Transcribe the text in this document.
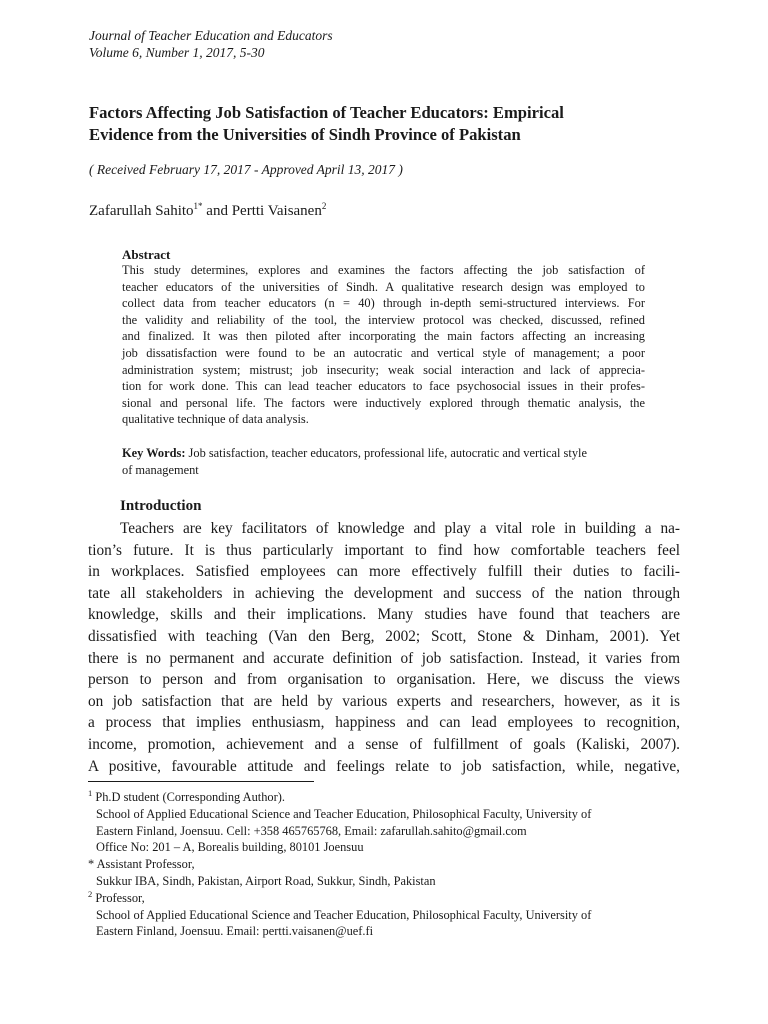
Journal of Teacher Education and Educators
Volume 6, Number 1, 2017, 5-30
Factors Affecting Job Satisfaction of Teacher Educators: Empirical
Evidence from the Universities of Sindh Province of Pakistan
( Received February 17, 2017 - Approved April 13, 2017 )
Zafarullah Sahito$^{1*}$ and Pertti Vaisanen$^2$
Abstract
This study determines, explores and examines the factors affecting the job satisfaction of
teacher educators of the universities of Sindh. A qualitative research design was employed to
collect data from teacher educators (n = 40) through in-depth semi-structured interviews. For
the validity and reliability of the tool, the interview protocol was checked, discussed, refined
and finalized. It was then piloted after incorporating the main factors affecting an increasing
job dissatisfaction were found to be an autocratic and vertical style of management; a poor
administration system; mistrust; job insecurity; weak social interaction and lack of apprecia-
tion for work done. This can lead teacher educators to face psychosocial issues in their profes-
sional and personal life. The factors were inductively explored through thematic analysis, the
qualitative technique of data analysis.
Key Words: Job satisfaction, teacher educators, professional life, autocratic and vertical style
of management
Introduction
Teachers are key facilitators of knowledge and play a vital role in building a na-
tion’s future. It is thus particularly important to find how comfortable teachers feel
in workplaces. Satisfied employees can more effectively fulfill their duties to facili-
tate all stakeholders in achieving the development and success of the nation through
knowledge, skills and their implications. Many studies have found that teachers are
dissatisfied with teaching (Van den Berg, 2002; Scott, Stone & Dinham, 2001). Yet
there is no permanent and accurate definition of job satisfaction. Instead, it varies from
person to person and from organisation to organisation. Here, we discuss the views
on job satisfaction that are held by various experts and researchers, however, as it is
a process that implies enthusiasm, happiness and can lead employees to recognition,
income, promotion, achievement and a sense of fulfillment of goals (Kaliski, 2007).
A positive, favourable attitude and feelings relate to job satisfaction, while, negative,
$^1$ Ph.D student (Corresponding Author).
School of Applied Educational Science and Teacher Education, Philosophical Faculty, University of
Eastern Finland, Joensuu. Cell: +358 465765768, Email: zafarullah.sahito@gmail.com
Office No: 201 – A, Borealis building, 80101 Joensuu
* Assistant Professor,
Sukkur IBA, Sindh, Pakistan, Airport Road, Sukkur, Sindh, Pakistan
$^2$ Professor,
School of Applied Educational Science and Teacher Education, Philosophical Faculty, University of
Eastern Finland, Joensuu. Email: pertti.vaisanen@uef.fi
